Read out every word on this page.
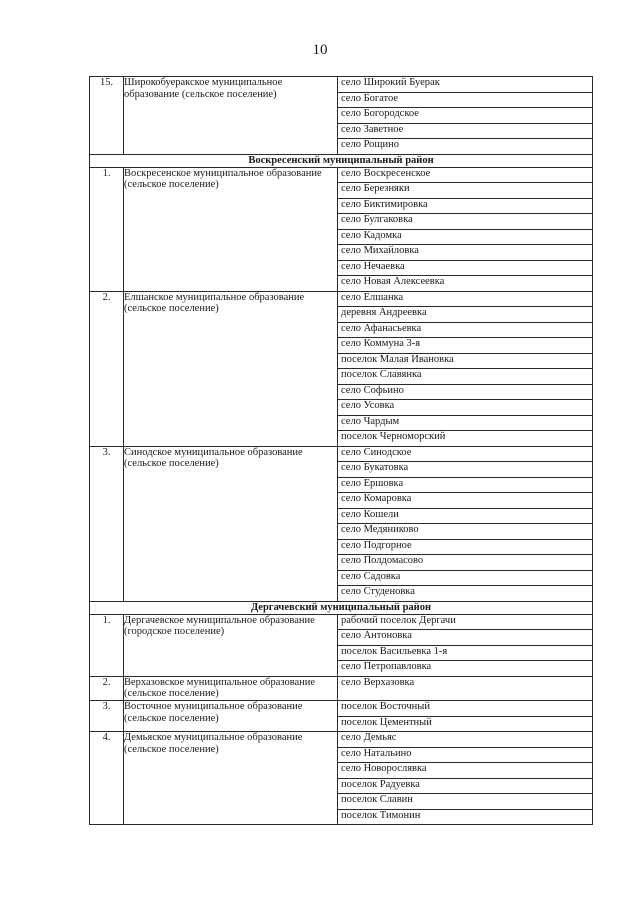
10
15.	Широкобуеракское муниципальное образование (сельское поселение)	
село Широкий Буерак
село Богатое
село Богородское
село Заветное
село Рощино

Воскресенский муниципальный район
1.	Воскресенское муниципальное образование (сельское поселение)	
село Воскресенское
село Березняки
село Биктимировка
село Булгаковка
село Кадомка
село Михайловка
село Нечаевка
село Новая Алексеевка

2.	Елшанское муниципальное образование (сельское поселение)	
село Елшанка
деревня Андреевка
село Афанасьевка
село Коммуна 3-я
поселок Малая Ивановка
поселок Славянка
село Софьино
село Усовка
село Чардым
поселок Черноморский

3.	Синодское муниципальное образование (сельское поселение)	
село Синодское
село Букатовка
село Ершовка
село Комаровка
село Кошели
село Медяниково
село Подгорное
село Полдомасово
село Садовка
село Студеновка

Дергачевский муниципальный район
1.	Дергачевское муниципальное образование (городское поселение)	
рабочий поселок Дергачи
село Антоновка
поселок Васильевка 1-я
село Петропавловка

2.	Верхазовское муниципальное образование (сельское поселение)	
село Верхазовка

3.	Восточное муниципальное образование (сельское поселение)	
поселок Восточный
поселок Цементный

4.	Демьяское муниципальное образование (сельское поселение)	
село Демьяс
село Натальино
село Новорослявка
поселок Радуевка
поселок Славин
поселок Тимонин
